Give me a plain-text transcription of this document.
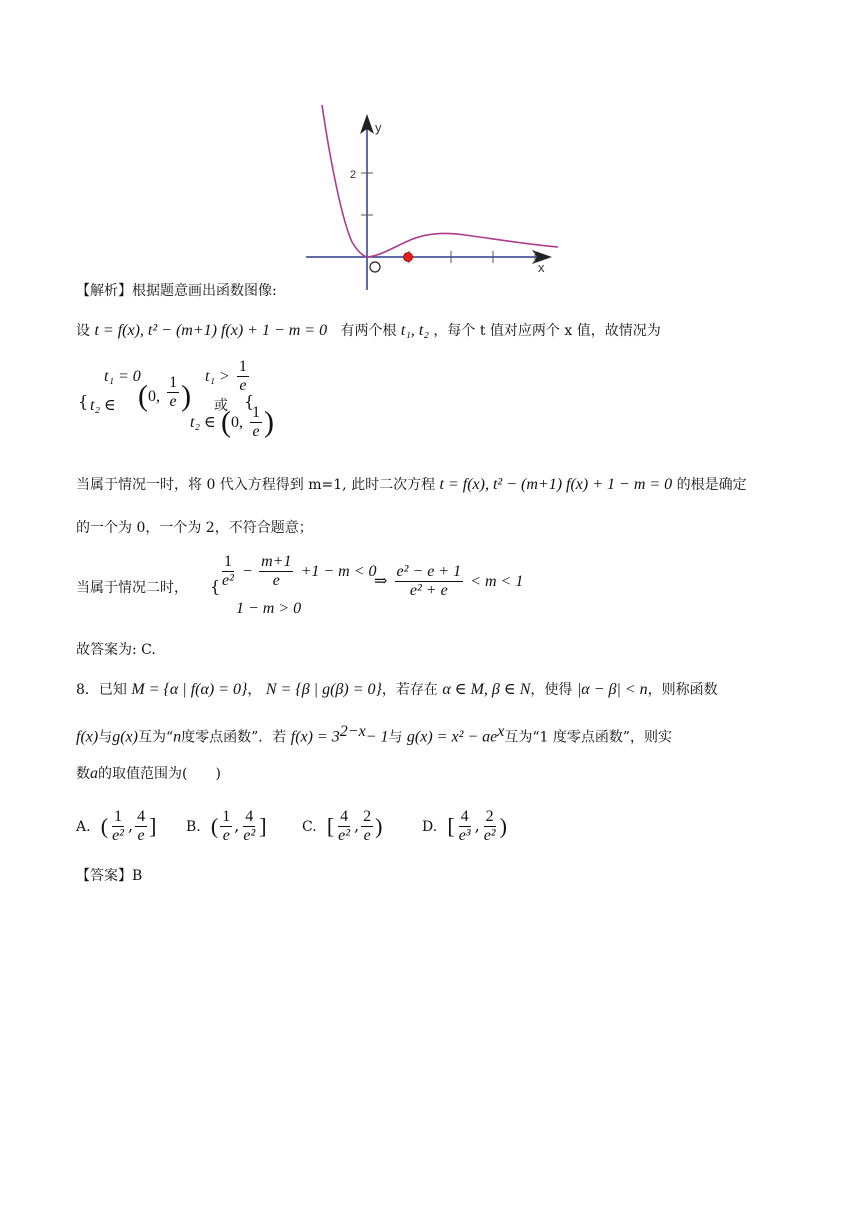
2
y
x
【解析】根据题意画出函数图像:
设 t = f(x), t² − (m+1) f(x) + 1 − m = 0 有两个根 t₁, t₂ ，每个 t 值对应两个 x 值，故情况为
t₁ = 0
{ t₂ ∈ (0, $\frac{1}{e}$ ) 或 {
$t_1 > \frac{1}{e}$
t₂ ∈ (0, $\frac{1}{e}$ )
当属于情况一时，将 0 代入方程得到 m=1, 此时二次方程 t = f(x), t² − (m+1) f(x) + 1 − m = 0 的根是确定
的一个为 0，一个为 2，不符合题意；
当属于情况二时， { $\frac{1}{\text{e²}} - \frac{m+1}{e} +1 - m < 0$
1 − m > 0
⇒ $\frac{\text{e² − e + 1}}{\text{e² + e}} < m < 1$
故答案为: C.
8．已知 M = {α | f(α) = 0}， N = {β | g(β) = 0}，若存在 α ∈ M, β ∈ N，使得 |α − β| < n，则称函数
f(x)与g(x)互为“n度零点函数”．若 $f(x) = 3^{2-x}- 1$与 $g(x) = x^2 - ae^x$互为“1 度零点函数”，则实
数a的取值范围为(　　)
A. ( $\frac{1}{\text{e²}}$ , $\frac{4}{e}$ ] B. ( $\frac{1}{e}$ , $\frac{4}{\text{e²}}$ ]	C. [ $\frac{4}{\text{e²}}$ , $\frac{2}{e}$ )	D. [ $\frac{4}{\text{e³}}$ , $\frac{2}{\text{e²}}$ )
【答案】B
